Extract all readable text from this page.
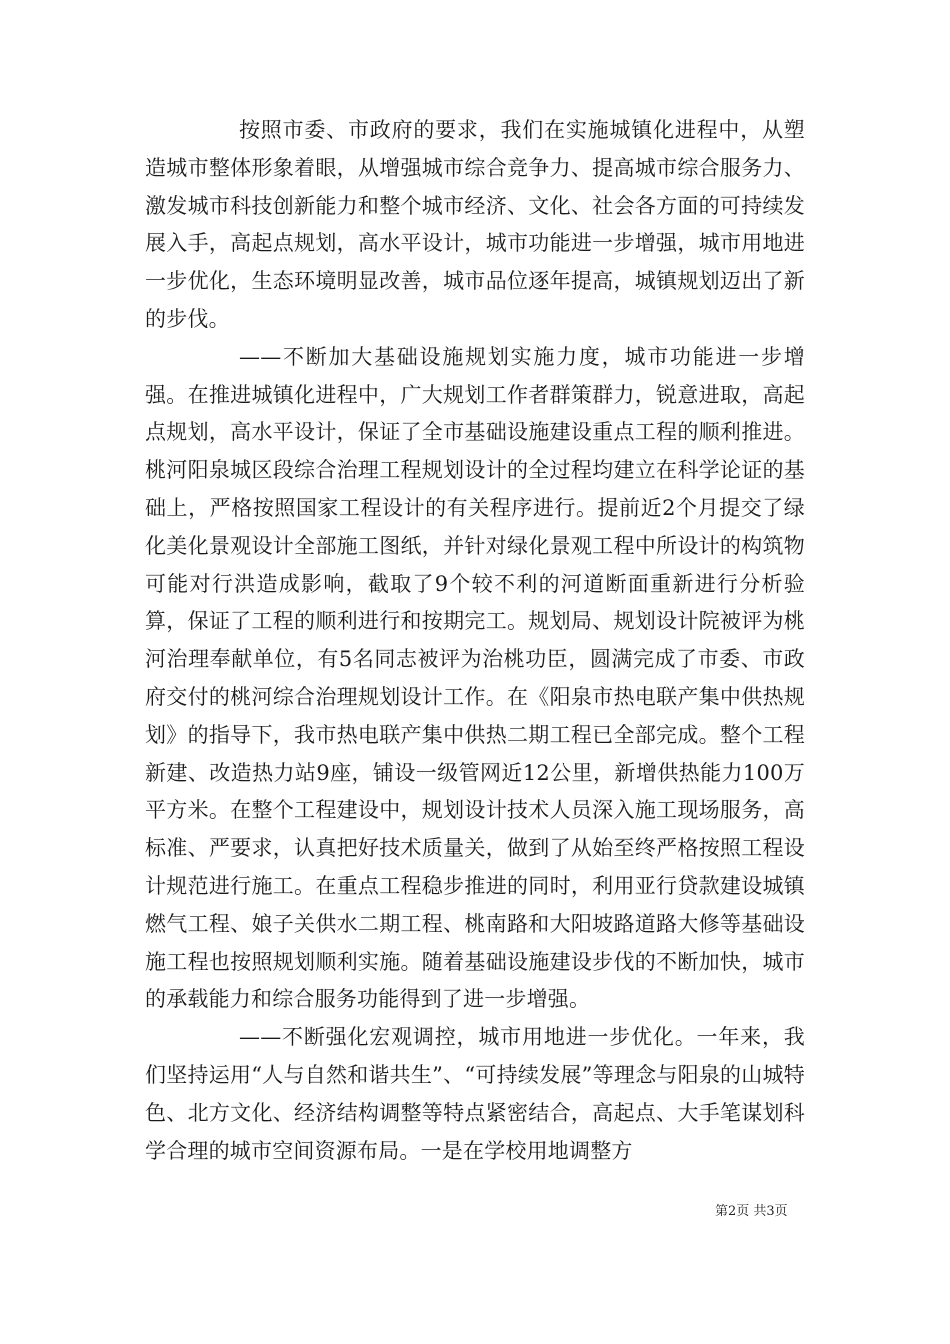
按照市委、市政府的要求，我们在实施城镇化进程中，从塑造城市整体形象着眼，从增强城市综合竞争力、提高城市综合服务力、激发城市科技创新能力和整个城市经济、文化、社会各方面的可持续发展入手，高起点规划，高水平设计，城市功能进一步增强，城市用地进一步优化，生态环境明显改善，城市品位逐年提高，城镇规划迈出了新的步伐。

——不断加大基础设施规划实施力度，城市功能进一步增强。在推进城镇化进程中，广大规划工作者群策群力，锐意进取，高起点规划，高水平设计，保证了全市基础设施建设重点工程的顺利推进。桃河阳泉城区段综合治理工程规划设计的全过程均建立在科学论证的基础上，严格按照国家工程设计的有关程序进行。提前近2个月提交了绿化美化景观设计全部施工图纸，并针对绿化景观工程中所设计的构筑物可能对行洪造成影响，截取了9个较不利的河道断面重新进行分析验算，保证了工程的顺利进行和按期完工。规划局、规划设计院被评为桃河治理奉献单位，有5名同志被评为治桃功臣，圆满完成了市委、市政府交付的桃河综合治理规划设计工作。在《阳泉市热电联产集中供热规划》的指导下，我市热电联产集中供热二期工程已全部完成。整个工程新建、改造热力站9座，铺设一级管网近12公里，新增供热能力100万平方米。在整个工程建设中，规划设计技术人员深入施工现场服务，高标准、严要求，认真把好技术质量关，做到了从始至终严格按照工程设计规范进行施工。在重点工程稳步推进的同时，利用亚行贷款建设城镇燃气工程、娘子关供水二期工程、桃南路和大阳坡路道路大修等基础设施工程也按照规划顺利实施。随着基础设施建设步伐的不断加快，城市的承载能力和综合服务功能得到了进一步增强。

——不断强化宏观调控，城市用地进一步优化。一年来，我们坚持运用“人与自然和谐共生”、“可持续发展”等理念与阳泉的山城特色、北方文化、经济结构调整等特点紧密结合，高起点、大手笔谋划科学合理的城市空间资源布局。一是在学校用地调整方

第2页 共3页
